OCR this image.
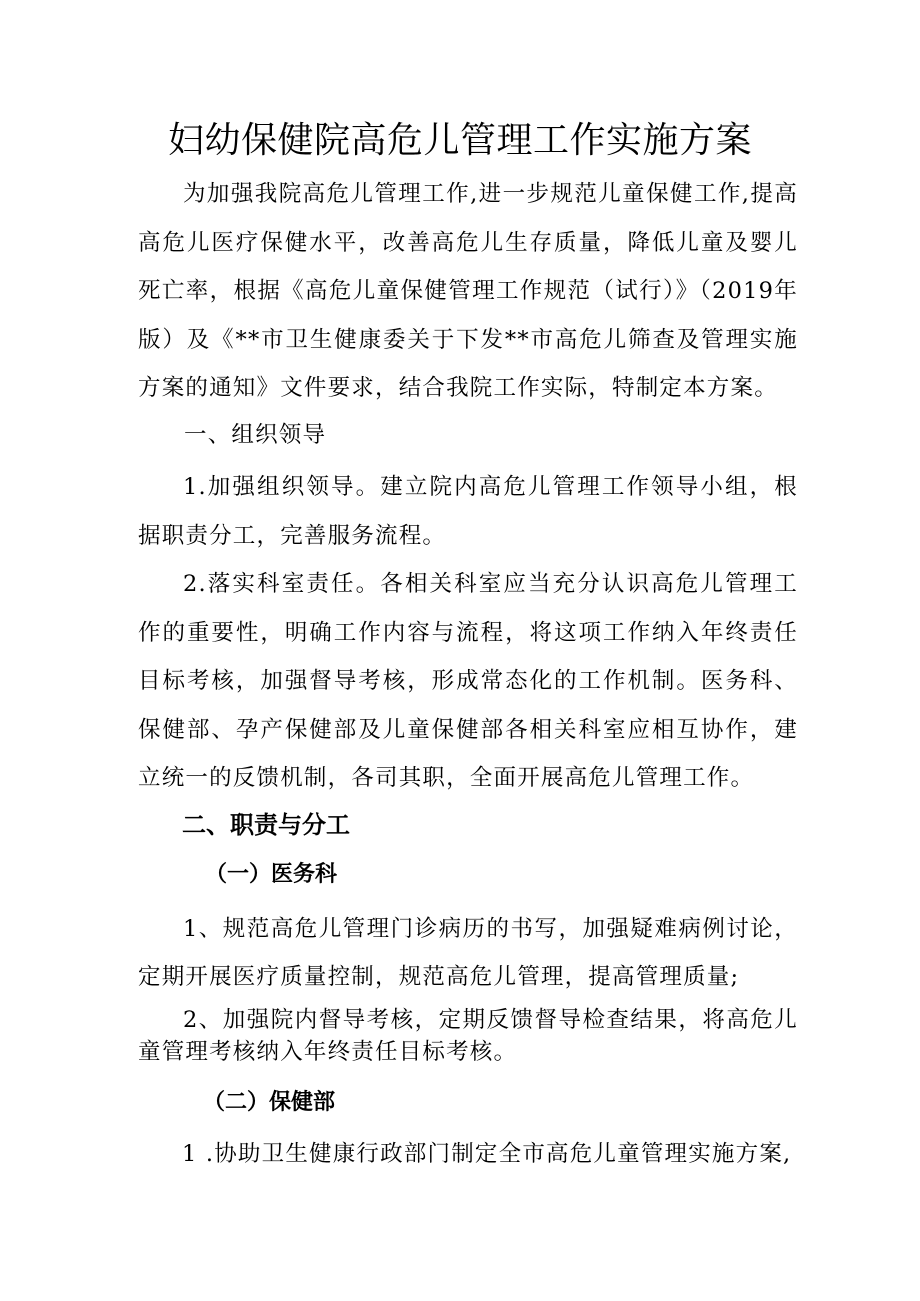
妇幼保健院高危儿管理工作实施方案
为加强我院高危儿管理工作,进一步规范儿童保健工作,提高高危儿医疗保健水平，改善高危儿生存质量，降低儿童及婴儿死亡率，根据《高危儿童保健管理工作规范（试行）》（2019年版）及《**市卫生健康委关于下发**市高危儿筛查及管理实施方案的通知》文件要求，结合我院工作实际，特制定本方案。
一、组织领导
1.加强组织领导。建立院内高危儿管理工作领导小组，根据职责分工，完善服务流程。
2.落实科室责任。各相关科室应当充分认识高危儿管理工作的重要性，明确工作内容与流程，将这项工作纳入年终责任目标考核，加强督导考核，形成常态化的工作机制。医务科、保健部、孕产保健部及儿童保健部各相关科室应相互协作，建立统一的反馈机制，各司其职，全面开展高危儿管理工作。
二、职责与分工
（一）医务科
1、规范高危儿管理门诊病历的书写，加强疑难病例讨论，定期开展医疗质量控制，规范高危儿管理，提高管理质量;
2、加强院内督导考核，定期反馈督导检查结果，将高危儿童管理考核纳入年终责任目标考核。
（二）保健部
1 .协助卫生健康行政部门制定全市高危儿童管理实施方案,
